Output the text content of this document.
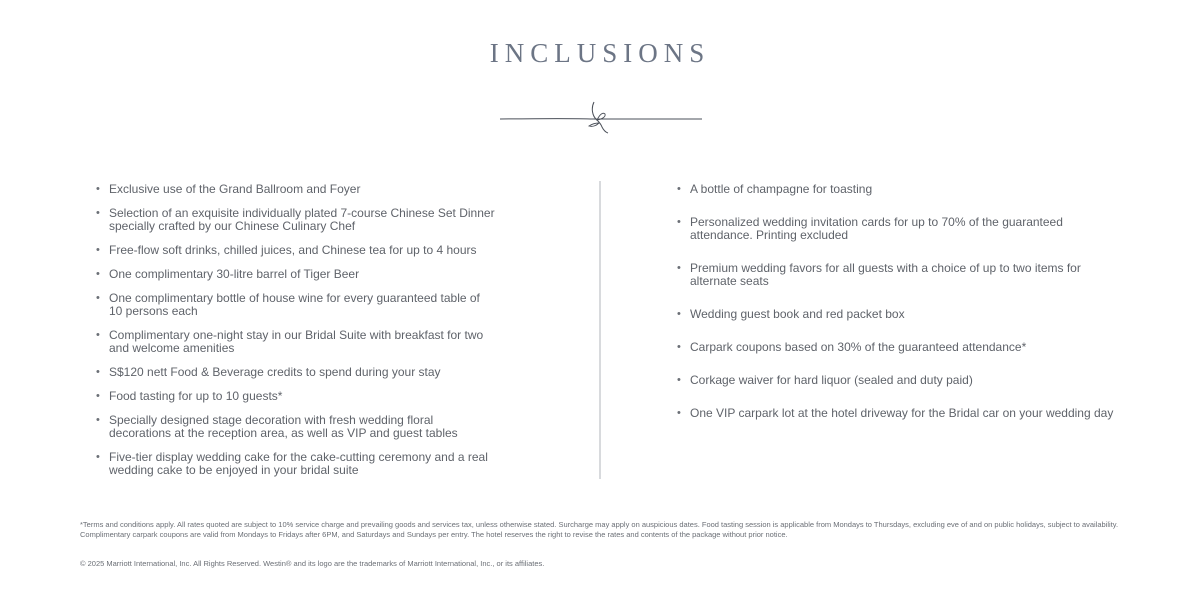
INCLUSIONS
• Exclusive use of the Grand Ballroom and Foyer
• Selection of an exquisite individually plated 7-course Chinese Set Dinner specially crafted by our Chinese Culinary Chef
• Free-flow soft drinks, chilled juices, and Chinese tea for up to 4 hours
• One complimentary 30-litre barrel of Tiger Beer
• One complimentary bottle of house wine for every guaranteed table of 10 persons each
• Complimentary one-night stay in our Bridal Suite with breakfast for two and welcome amenities
• S$120 nett Food & Beverage credits to spend during your stay
• Food tasting for up to 10 guests*
• Specially designed stage decoration with fresh wedding floral decorations at the reception area, as well as VIP and guest tables
• Five-tier display wedding cake for the cake-cutting ceremony and a real wedding cake to be enjoyed in your bridal suite
• A bottle of champagne for toasting
• Personalized wedding invitation cards for up to 70% of the guaranteed attendance. Printing excluded
• Premium wedding favors for all guests with a choice of up to two items for alternate seats
• Wedding guest book and red packet box
• Carpark coupons based on 30% of the guaranteed attendance*
• Corkage waiver for hard liquor (sealed and duty paid)
• One VIP carpark lot at the hotel driveway for the Bridal car on your wedding day
*Terms and conditions apply. All rates quoted are subject to 10% service charge and prevailing goods and services tax, unless otherwise stated. Surcharge may apply on auspicious dates. Food tasting session is applicable from Mondays to Thursdays, excluding eve of and on public holidays, subject to availability. Complimentary carpark coupons are valid from Mondays to Fridays after 6PM, and Saturdays and Sundays per entry. The hotel reserves the right to revise the rates and contents of the package without prior notice.
© 2025 Marriott International, Inc. All Rights Reserved. Westin® and its logo are the trademarks of Marriott International, Inc., or its affiliates.
